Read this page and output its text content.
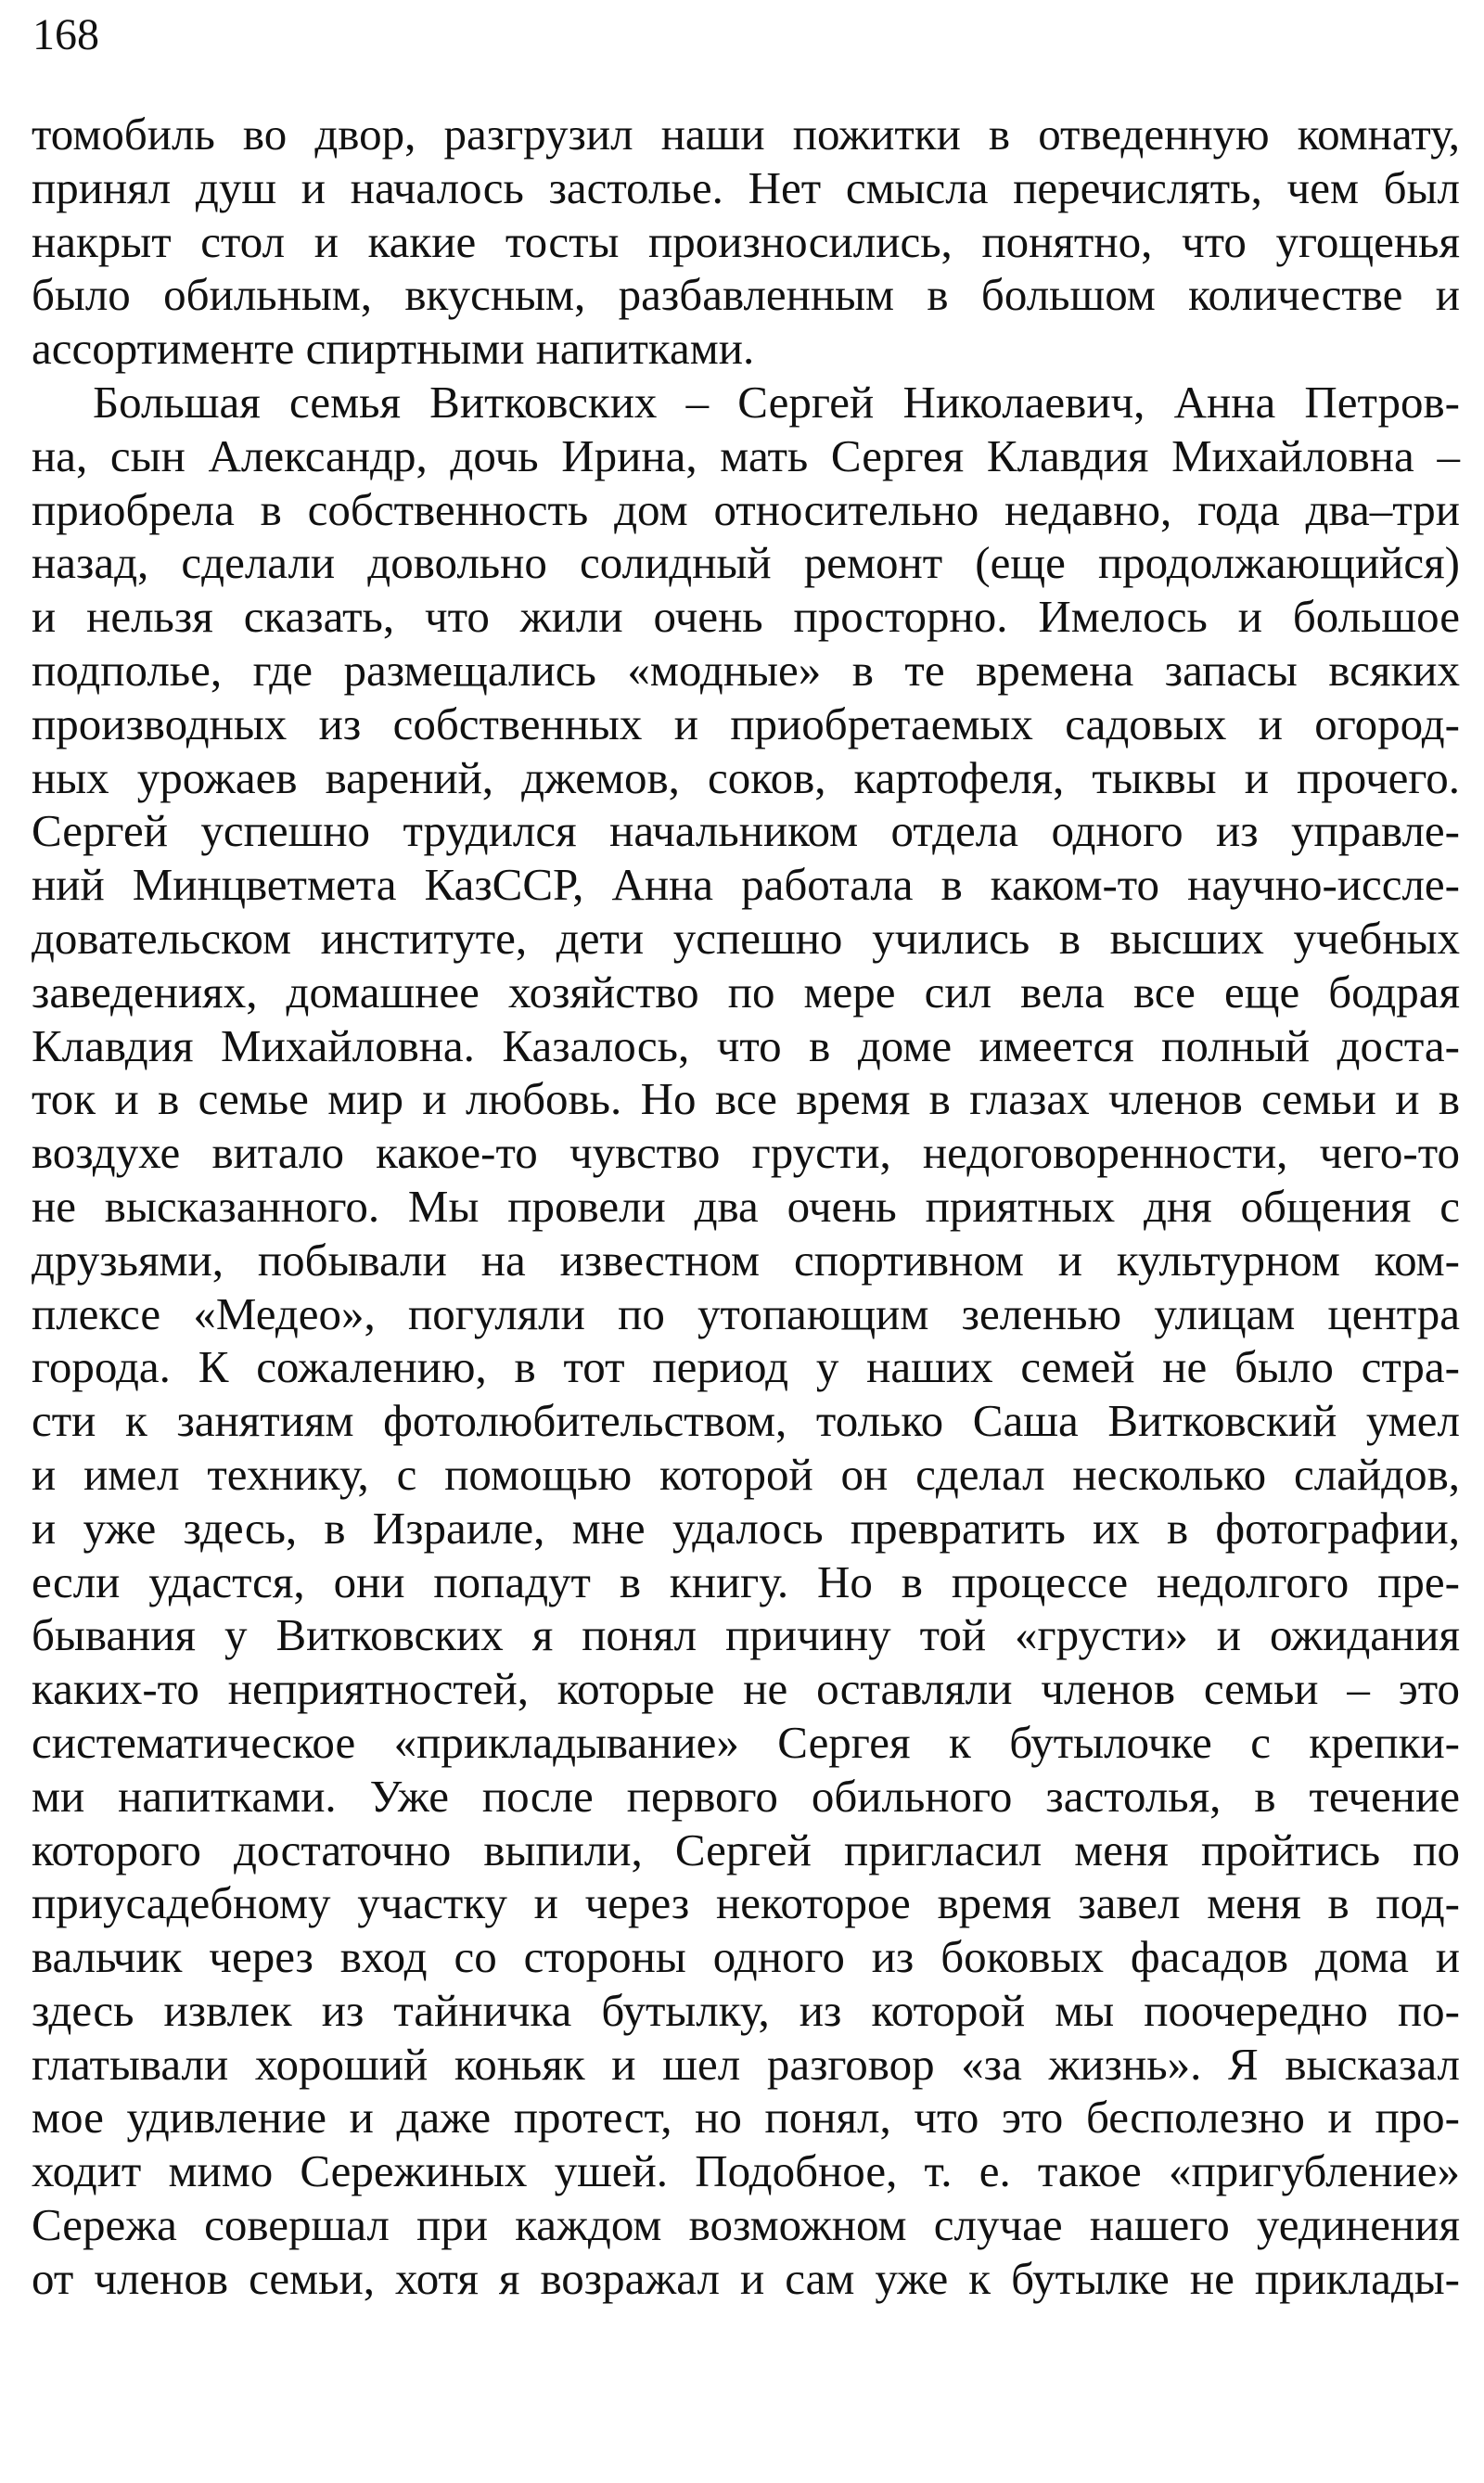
168
томобиль во двор, разгрузил наши пожитки в отведенную комнату,
принял душ и началось застолье. Нет смысла перечислять, чем был
накрыт стол и какие тосты произносились, понятно, что угощенья
было обильным, вкусным, разбавленным в большом количестве и
ассортименте спиртными напитками.
Большая семья Витковских – Сергей Николаевич, Анна Петров-
на, сын Александр, дочь Ирина, мать Сергея Клавдия Михайловна –
приобрела в собственность дом относительно недавно, года два–три
назад, сделали довольно солидный ремонт (еще продолжающийся)
и нельзя сказать, что жили очень просторно. Имелось и большое
подполье, где размещались «модные» в те времена запасы всяких
производных из собственных и приобретаемых садовых и огород-
ных урожаев варений, джемов, соков, картофеля, тыквы и прочего.
Сергей успешно трудился начальником отдела одного из управле-
ний Минцветмета КазССР, Анна работала в каком-то научно-иссле-
довательском институте, дети успешно учились в высших учебных
заведениях, домашнее хозяйство по мере сил вела все еще бодрая
Клавдия Михайловна. Казалось, что в доме имеется полный доста-
ток и в семье мир и любовь. Но все время в глазах членов семьи и в
воздухе витало какое-то чувство грусти, недоговоренности, чего-то
не высказанного. Мы провели два очень приятных дня общения с
друзьями, побывали на известном спортивном и культурном ком-
плексе «Медео», погуляли по утопающим зеленью улицам центра
города. К сожалению, в тот период у наших семей не было стра-
сти к занятиям фотолюбительством, только Саша Витковский умел
и имел технику, с помощью которой он сделал несколько слайдов,
и уже здесь, в Израиле, мне удалось превратить их в фотографии,
если удастся, они попадут в книгу. Но в процессе недолгого пре-
бывания у Витковских я понял причину той «грусти» и ожидания
каких-то неприятностей, которые не оставляли членов семьи – это
систематическое «прикладывание» Сергея к бутылочке с крепки-
ми напитками. Уже после первого обильного застолья, в течение
которого достаточно выпили, Сергей пригласил меня пройтись по
приусадебному участку и через некоторое время завел меня в под-
вальчик через вход со стороны одного из боковых фасадов дома и
здесь извлек из тайничка бутылку, из которой мы поочередно по-
глатывали хороший коньяк и шел разговор «за жизнь». Я высказал
мое удивление и даже протест, но понял, что это бесполезно и про-
ходит мимо Сережиных ушей. Подобное, т. е. такое «пригубление»
Сережа совершал при каждом возможном случае нашего уединения
от членов семьи, хотя я возражал и сам уже к бутылке не приклады-
